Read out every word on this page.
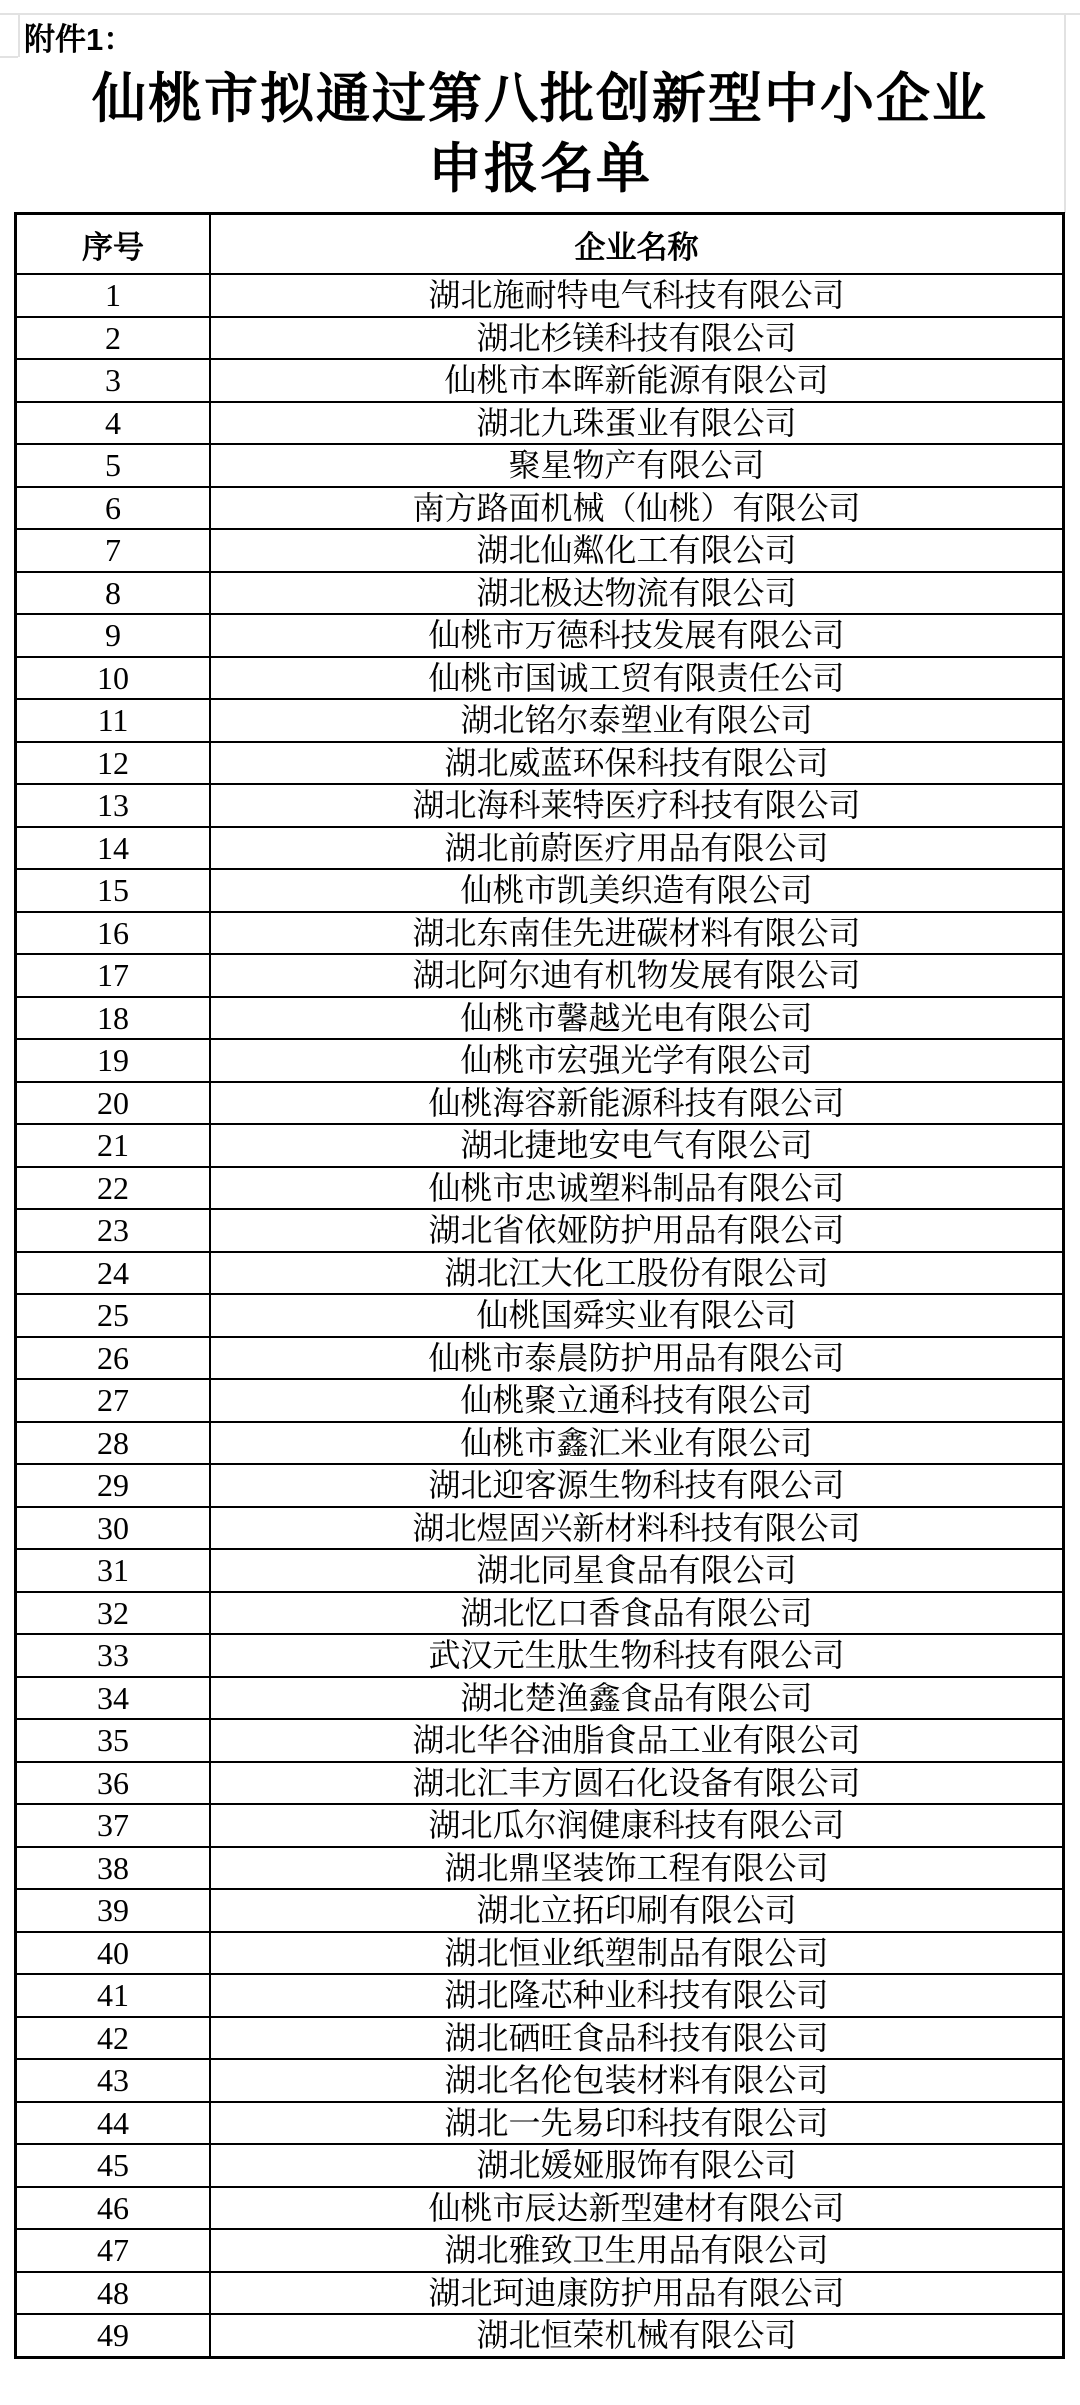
附件1：
仙桃市拟通过第八批创新型中小企业
申报名单
序号	企业名称
1	湖北施耐特电气科技有限公司
2	湖北杉镁科技有限公司
3	仙桃市本晖新能源有限公司
4	湖北九珠蛋业有限公司
5	聚星物产有限公司
6	南方路面机械（仙桃）有限公司
7	湖北仙粼化工有限公司
8	湖北极达物流有限公司
9	仙桃市万德科技发展有限公司
10	仙桃市国诚工贸有限责任公司
11	湖北铭尔泰塑业有限公司
12	湖北威蓝环保科技有限公司
13	湖北海科莱特医疗科技有限公司
14	湖北前蔚医疗用品有限公司
15	仙桃市凯美织造有限公司
16	湖北东南佳先进碳材料有限公司
17	湖北阿尔迪有机物发展有限公司
18	仙桃市馨越光电有限公司
19	仙桃市宏强光学有限公司
20	仙桃海容新能源科技有限公司
21	湖北捷地安电气有限公司
22	仙桃市忠诚塑料制品有限公司
23	湖北省依娅防护用品有限公司
24	湖北江大化工股份有限公司
25	仙桃国舜实业有限公司
26	仙桃市泰晨防护用品有限公司
27	仙桃聚立通科技有限公司
28	仙桃市鑫汇米业有限公司
29	湖北迎客源生物科技有限公司
30	湖北煜固兴新材料科技有限公司
31	湖北同星食品有限公司
32	湖北忆口香食品有限公司
33	武汉元生肽生物科技有限公司
34	湖北楚渔鑫食品有限公司
35	湖北华谷油脂食品工业有限公司
36	湖北汇丰方圆石化设备有限公司
37	湖北瓜尔润健康科技有限公司
38	湖北鼎坚装饰工程有限公司
39	湖北立拓印刷有限公司
40	湖北恒业纸塑制品有限公司
41	湖北隆芯种业科技有限公司
42	湖北硒旺食品科技有限公司
43	湖北名伦包装材料有限公司
44	湖北一先易印科技有限公司
45	湖北媛娅服饰有限公司
46	仙桃市辰达新型建材有限公司
47	湖北雅致卫生用品有限公司
48	湖北珂迪康防护用品有限公司
49	湖北恒荣机械有限公司
